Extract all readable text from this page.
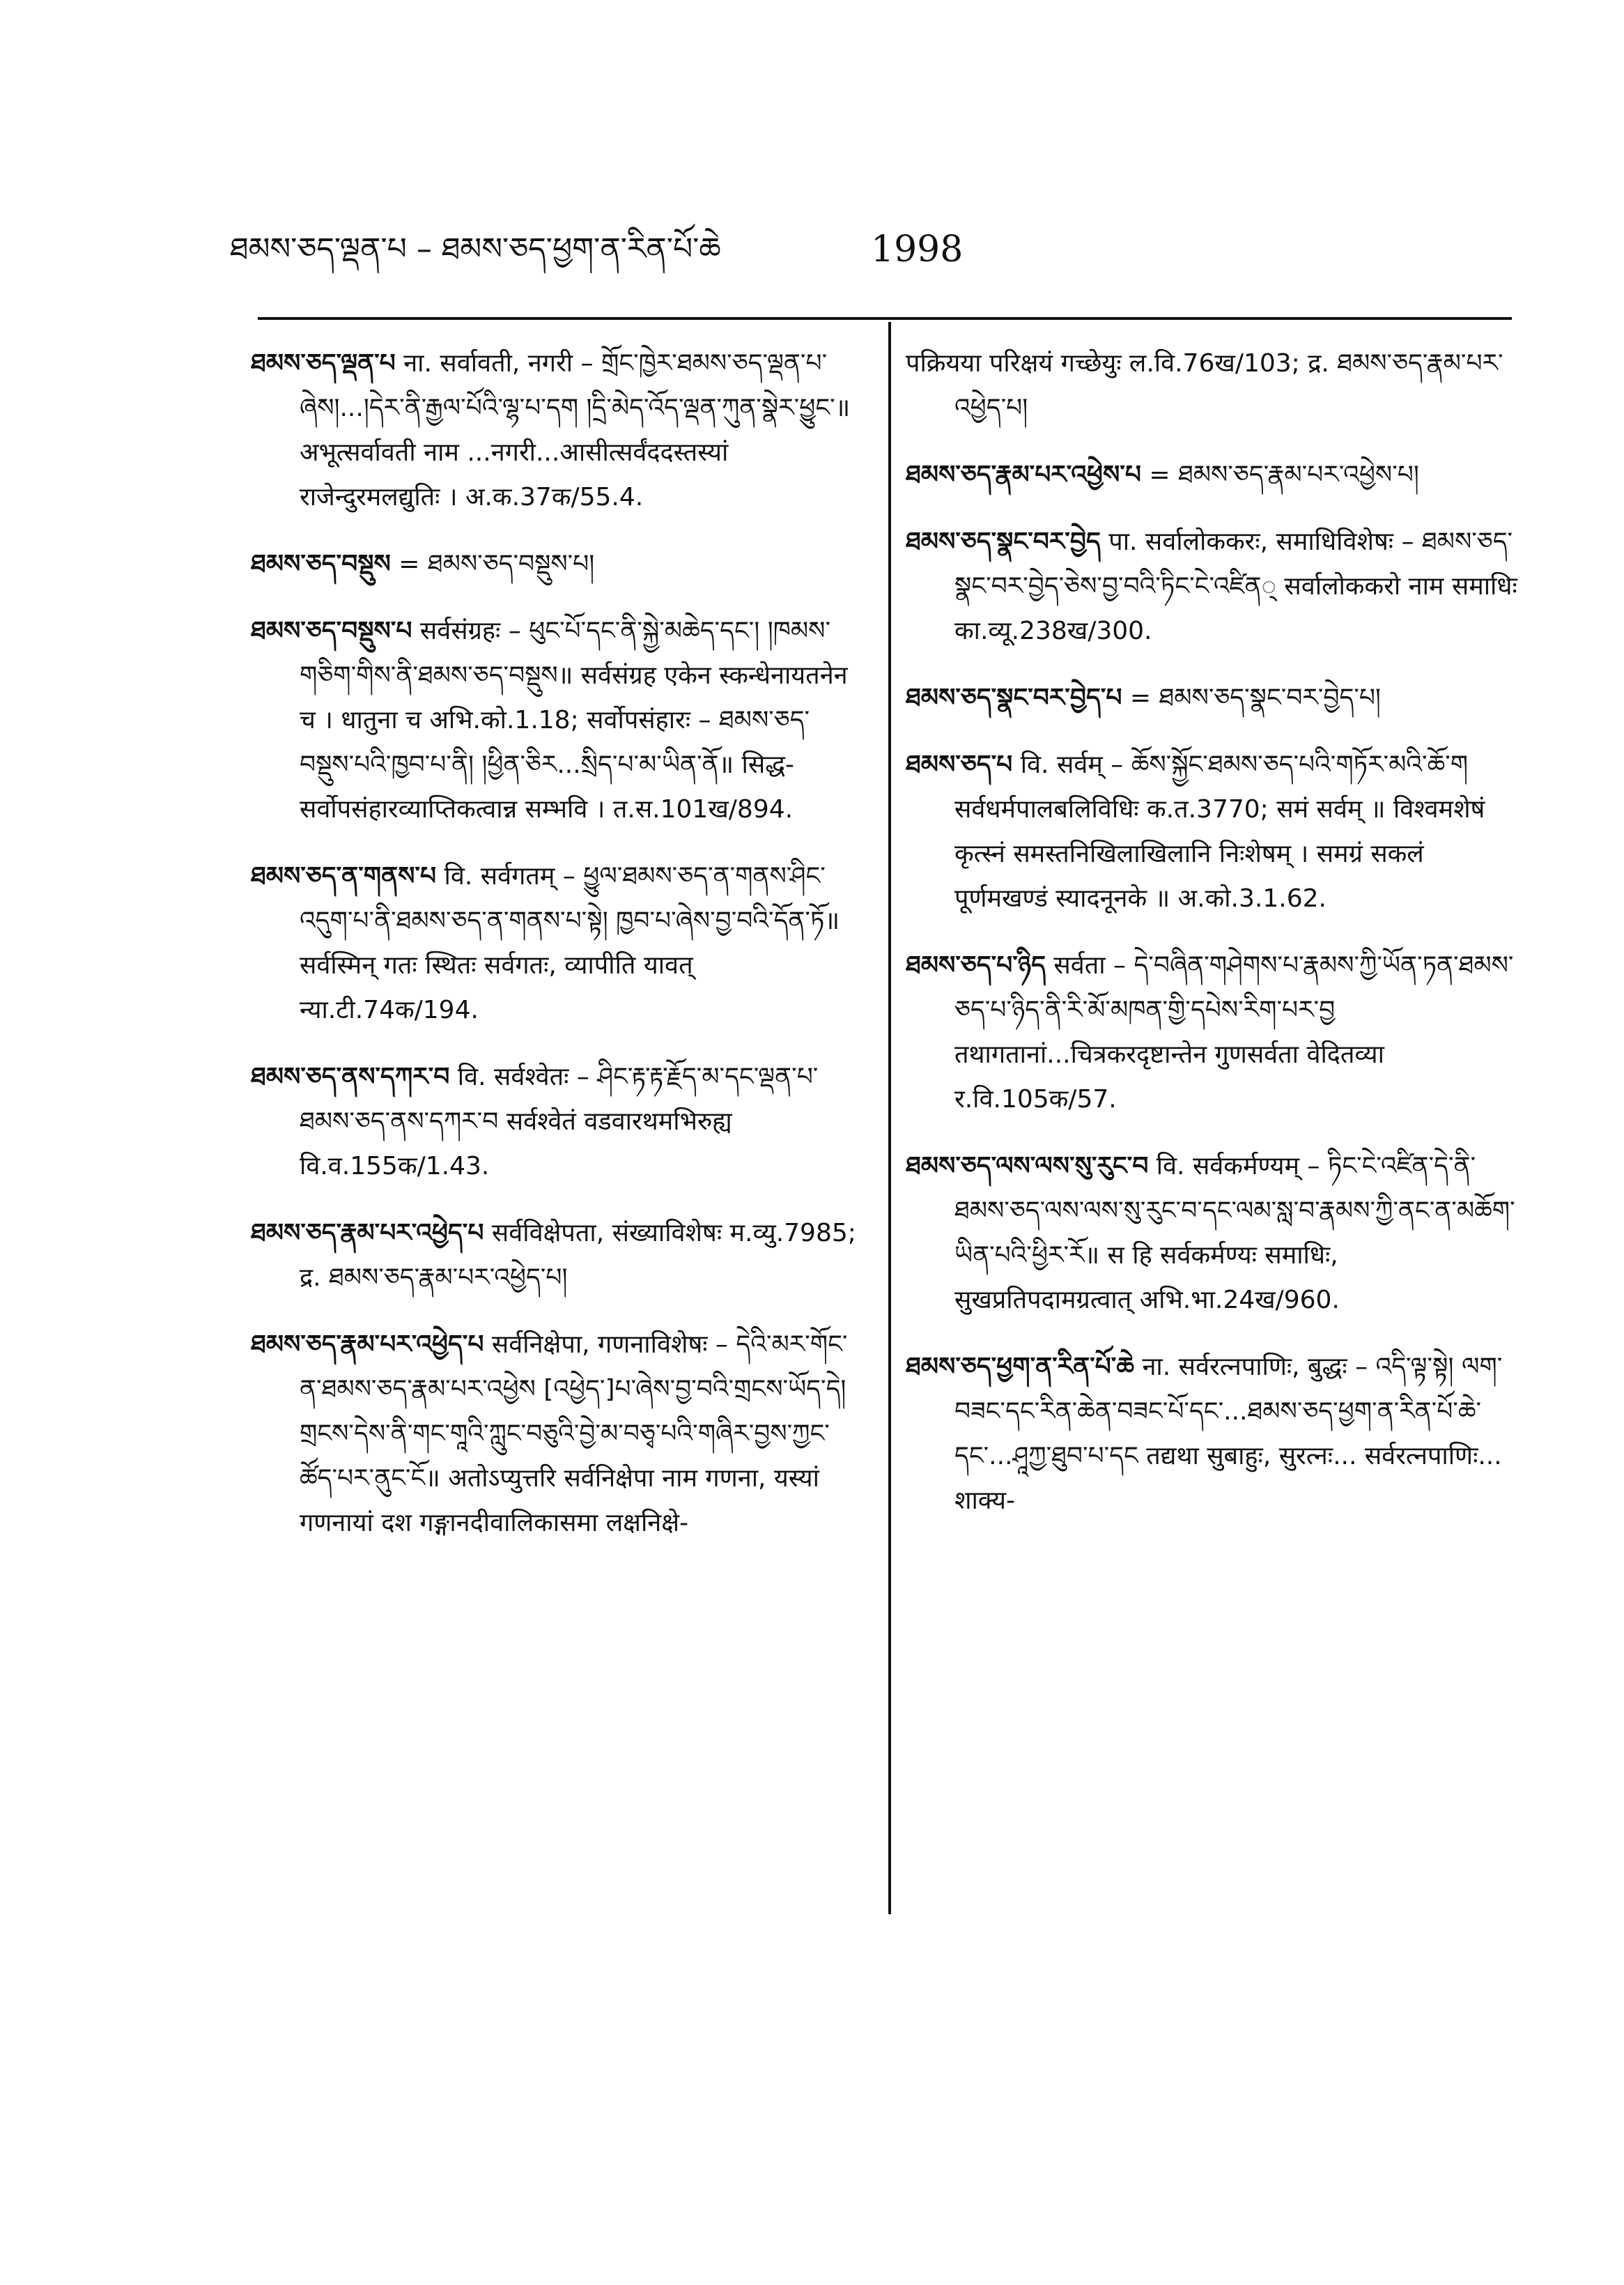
ཐམས་ཅད་ལྡན་པ – ཐམས་ཅད་ཕྱག་ན་རིན་པོ་ཆེ	1998

ཐམས་ཅད་ལྡན་པ ना. सर्वावती, नगरी – གྲོང་ཁྱེར་ཐམས་ཅད་ལྡན་པ་ཞེས།...།དེར་ནི་རྒྱལ་པོའི་ལྷ་པ་དག །དྲི་མེད་འོད་ལྡན་ཀུན་སྣེར་ཕྱུང་॥ अभूत्सर्वावती नाम ...नगरी...आसीत्सर्वंददस्तस्यां राजेन्दुरमलद्युतिः । अ.क.37क/55.4.

ཐམས་ཅད་བསྡུས = ཐམས་ཅད་བསྡུས་པ།

ཐམས་ཅད་བསྡུས་པ सर्वसंग्रहः – ཕུང་པོ་དང་ནི་སྐྱེ་མཆེད་དང་། །ཁམས་གཅིག་གིས་ནི་ཐམས་ཅད་བསྡུས॥ सर्वसंग्रह एकेन स्कन्धेनायतनेन च । धातुना च अभि.को.1.18; सर्वोपसंहारः – ཐམས་ཅད་བསྡུས་པའི་ཁྱབ་པ་ནི། །ཕྱིན་ཅིར...སྲིད་པ་མ་ཡིན་ནོ॥ सिद्ध-सर्वोपसंहारव्याप्तिकत्वान्न सम्भवि । त.स.101ख/894.

ཐམས་ཅད་ན་གནས་པ वि. सर्वगतम् – ཕྱུལ་ཐམས་ཅད་ན་གནས་ཤིང་འདུག་པ་ནི་ཐམས་ཅད་ན་གནས་པ་སྟེ། ཁྱབ་པ་ཞེས་བྱ་བའི་དོན་ཏོ॥ सर्वस्मिन् गतः स्थितः सर्वगतः, व्यापीति यावत् न्या.टी.74क/194.

ཐམས་ཅད་ནས་དཀར་བ वि. सर्वश्वेतः – ཤིང་རྟ་རྟ་རྗོད་མ་དང་ལྡན་པ་ཐམས་ཅད་ནས་དཀར་བ सर्वश्वेतं वडवारथमभिरुह्य वि.व.155क/1.43.

ཐམས་ཅད་རྣམ་པར་འཕྱེད་པ सर्वविक्षेपता, संख्याविशेषः म.व्यु.7985; द्र. ཐམས་ཅད་རྣམ་པར་འཕྱེད་པ།

ཐམས་ཅད་རྣམ་པར་འཕྱེད་པ सर्वनिक्षेपा, गणनाविशेषः – དེའི་མར་གོང་ན་ཐམས་ཅད་རྣམ་པར་འཕྱེས [འཕྱེད་]པ་ཞེས་བྱ་བའི་གྲངས་ཡོད་དེ། གྲངས་དེས་ནི་གང་གཱའི་ཀླུང་བཅུའི་བྱེ་མ་བཅྭ་པའི་གཞིར་བྱས་ཀྱང་ཚོད་པར་ནུང་ངོ॥ अतोऽप्युत्तरि सर्वनिक्षेपा नाम गणना, यस्यां गणनायां दश गङ्गानदीवालिकासमा लक्षनिक्षे-

पक्रियया परिक्षयं गच्छेयुः ल.वि.76ख/103; द्र. ཐམས་ཅད་རྣམ་པར་འཕྱེད་པ།

ཐམས་ཅད་རྣམ་པར་འཕྱེས་པ = ཐམས་ཅད་རྣམ་པར་འཕྱེས་པ།

ཐམས་ཅད་སྣང་བར་བྱེད पा. सर्वालोककरः, समाधिविशेषः – ཐམས་ཅད་སྣང་བར་བྱེད་ཅེས་བྱ་བའི་ཏིང་ངེ་འཛིན् सर्वालोककरो नाम समाधिः का.व्यू.238ख/300.

ཐམས་ཅད་སྣང་བར་བྱེད་པ = ཐམས་ཅད་སྣང་བར་བྱེད་པ།

ཐམས་ཅད་པ वि. सर्वम् – ཆོས་སྐྱོང་ཐམས་ཅད་པའི་གཏོར་མའི་ཆོ་ག सर्वधर्मपालबलिविधिः क.त.3770; समं सर्वम् ॥ विश्वमशेषं कृत्स्नं समस्तनिखिलाखिलानि निःशेषम् । समग्रं सकलं पूर्णमखण्डं स्यादनूनके ॥ अ.को.3.1.62.

ཐམས་ཅད་པ་ཉིད सर्वता – དེ་བཞིན་གཤེགས་པ་རྣམས་ཀྱི་ཡོན་ཏན་ཐམས་ཅད་པ་ཉིད་ནི་རི་མོ་མཁན་གྱི་དཔེས་རིག་པར་བྱ तथागतानां...चित्रकरदृष्टान्तेन गुणसर्वता वेदितव्या र.वि.105क/57.

ཐམས་ཅད་ལས་ལས་སུ་རུང་བ वि. सर्वकर्मण्यम् – ཏིང་ངེ་འཛིན་དེ་ནི་ཐམས་ཅད་ལས་ལས་སུ་རུང་བ་དང་ལམ་སླ་བ་རྣམས་ཀྱི་ནང་ན་མཆོག་ཡིན་པའི་ཕྱིར་རོ॥ स हि सर्वकर्मण्यः समाधिः, सुखप्रतिपदामग्रत्वात् अभि.भा.24ख/960.

ཐམས་ཅད་ཕྱག་ན་རིན་པོ་ཆེ ना. सर्वरत्नपाणिः, बुद्धः – འདི་ལྟ་སྟེ། ལག་བཟང་དང་རིན་ཆེན་བཟང་པོ་དང་...ཐམས་ཅད་ཕྱག་ན་རིན་པོ་ཆེ་དང་...ཤཱཀྱ་ཐུབ་པ་དང तद्यथा सुबाहुः, सुरत्नः... सर्वरत्नपाणिः... शाक्य-
